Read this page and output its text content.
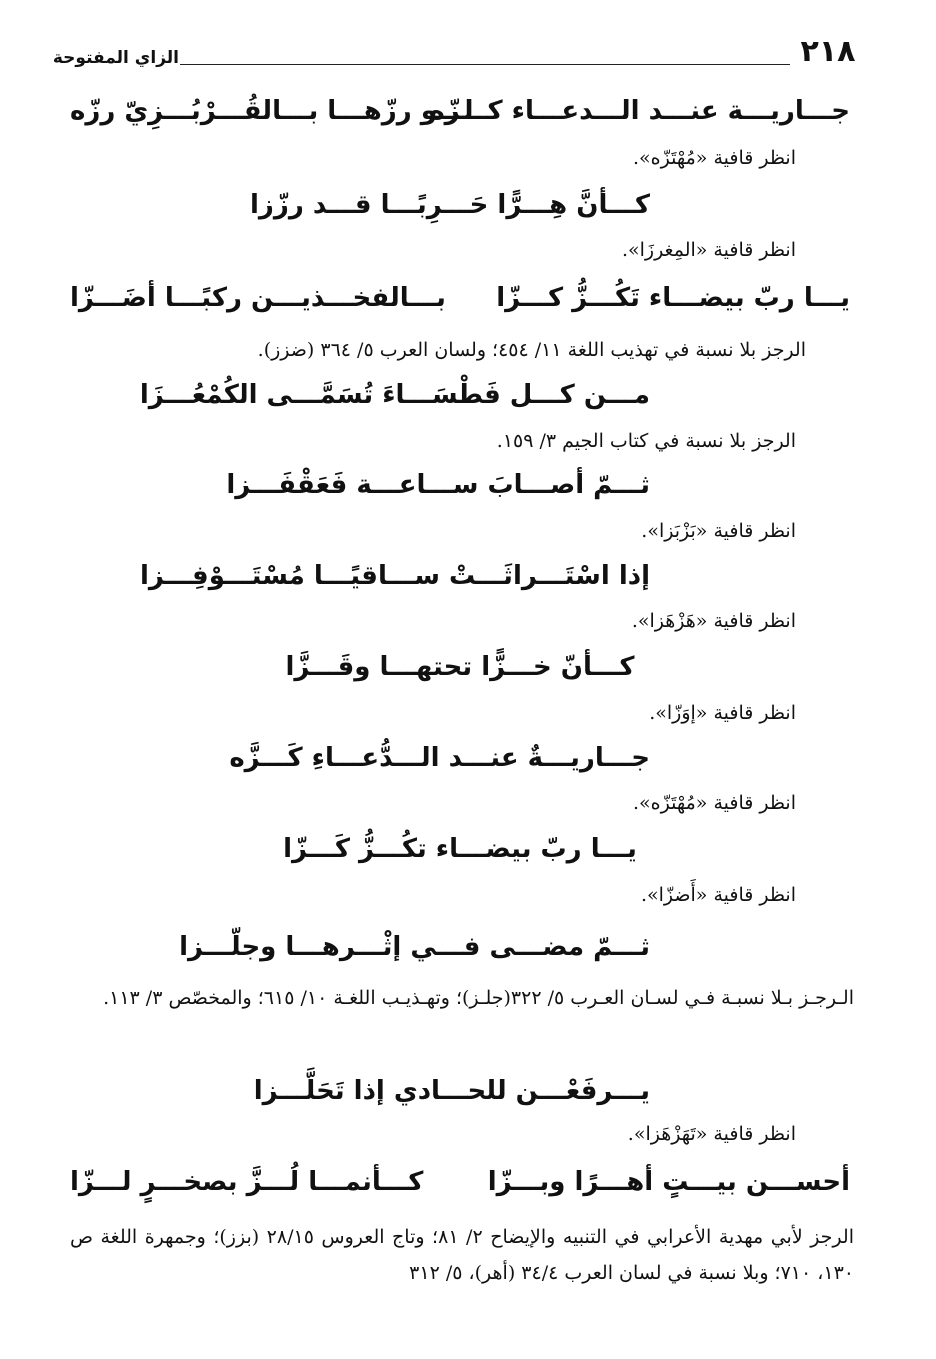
٢١٨
الزاي المفتوحة
جـــاريـــة عنـــد الـــدعـــاء كـــزّه
لـــو رزّهـــا بـــالقُـــرْبُـــزِيّ رزّه
انظر قافية «مُهْتَزّه».
كـــأنَّ هِـــرًّا حَـــرِبًـــا قـــد رزّزا
انظر قافية «المِغرزَا».
يـــا ربّ بيضـــاء تَكُـــزُّ كـــزّا
بـــالفخـــذيـــن ركبًـــا أضَـــزّا
الرجز بلا نسبة في تهذيب اللغة ١١/ ٤٥٤؛ ولسان العرب ٥/ ٣٦٤ (ضزز).
مـــن كـــل فَطْسَـــاءَ تُسَمَّـــى الكُمْعُـــزَا
الرجز بلا نسبة في كتاب الجيم ٣/ ١٥٩.
ثـــمّ أصـــابَ ســـاعـــة فَعَقْفَـــزا
انظر قافية «بَزْبَزا».
إذا اسْتَـــراثَـــتْ ســـاقيًـــا مُسْتَـــوْفِـــزا
انظر قافية «هَزْهَزا».
كـــأنّ خـــزًّا تحتهـــا وقَـــزَّا
انظر قافية «إوَزّا».
جـــاريـــةٌ عنـــد الـــدُّعـــاءِ كَـــزَّه
انظر قافية «مُهْتَزّه».
يـــا ربّ بيضـــاء تكُـــزُّ كَـــزّا
انظر قافية «أَضزّا».
ثـــمّ مضـــى فـــي إثْـــرهـــا وجلّـــزا
الـرجـز بـلا نسبـة فـي لسـان العـرب ٥/ ٣٢٢(جلـز)؛ وتهـذيـب اللغـة ١٠/ ٦١٥؛ والمخصّص ٣/ ١١٣.
يـــرفَعْـــن للحـــادي إذا تَحَلَّـــزا
انظر قافية «تَهَزْهَزا».
أحســـن بيـــتٍ أهـــرًا وبـــزّا
كـــأنمـــا لُـــزَّ بصخـــرٍ لـــزّا
الرجز لأبي مهدية الأعرابي في التنبيه والإيضاح ٢/ ٨١؛ وتاج العروس ٢٨/١٥ (بزز)؛ وجمهرة اللغة ص ١٣٠، ٧١٠؛ وبلا نسبة في لسان العرب ٣٤/٤ (أهر)، ٥/ ٣١٢
